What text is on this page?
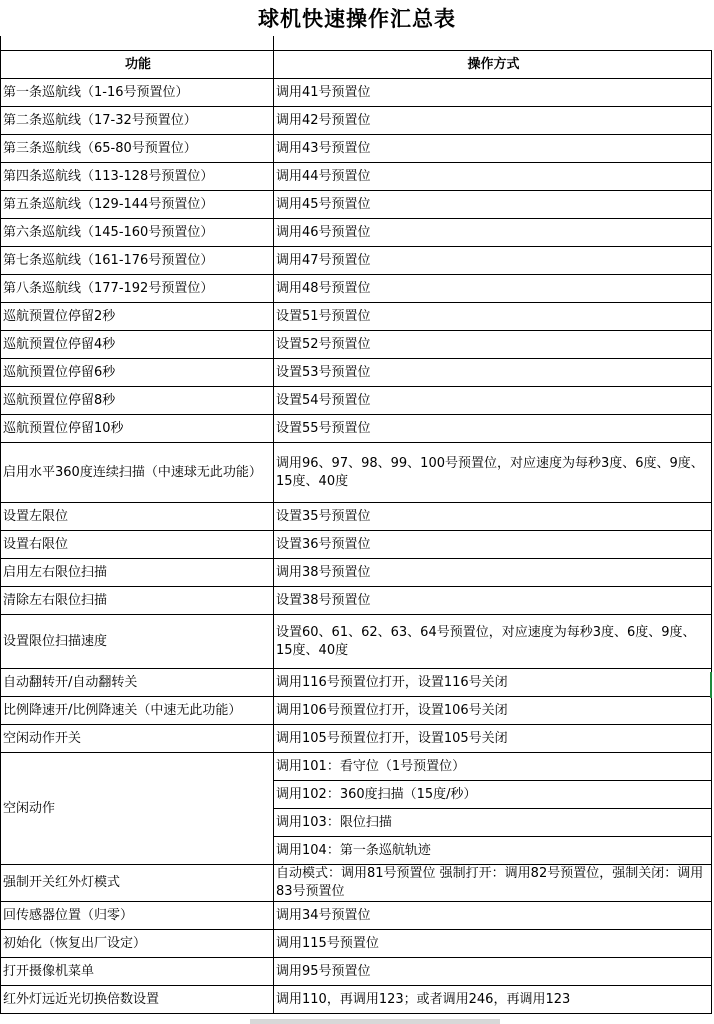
球机快速操作汇总表

功能	操作方式
第一条巡航线（1-16号预置位）	调用41号预置位
第二条巡航线（17-32号预置位）	调用42号预置位
第三条巡航线（65-80号预置位）	调用43号预置位
第四条巡航线（113-128号预置位）	调用44号预置位
第五条巡航线（129-144号预置位）	调用45号预置位
第六条巡航线（145-160号预置位）	调用46号预置位
第七条巡航线（161-176号预置位）	调用47号预置位
第八条巡航线（177-192号预置位）	调用48号预置位
巡航预置位停留2秒	设置51号预置位
巡航预置位停留4秒	设置52号预置位
巡航预置位停留6秒	设置53号预置位
巡航预置位停留8秒	设置54号预置位
巡航预置位停留10秒	设置55号预置位
启用水平360度连续扫描（中速球无此功能）	调用96、97、98、99、100号预置位，对应速度为每秒3度、6度、9度、15度、40度
设置左限位	设置35号预置位
设置右限位	设置36号预置位
启用左右限位扫描	调用38号预置位
清除左右限位扫描	设置38号预置位
设置限位扫描速度	设置60、61、62、63、64号预置位，对应速度为每秒3度、6度、9度、15度、40度
自动翻转开/自动翻转关	调用116号预置位打开，设置116号关闭
比例降速开/比例降速关（中速无此功能）	调用106号预置位打开，设置106号关闭
空闲动作开关	调用105号预置位打开，设置105号关闭
空闲动作	调用101：看守位（1号预置位）
	调用102：360度扫描（15度/秒）
	调用103：限位扫描
	调用104：第一条巡航轨迹
强制开关红外灯模式	自动模式：调用81号预置位 强制打开：调用82号预置位，强制关闭：调用83号预置位
回传感器位置（归零）	调用34号预置位
初始化（恢复出厂设定）	调用115号预置位
打开摄像机菜单	调用95号预置位
红外灯远近光切换倍数设置	调用110，再调用123；或者调用246，再调用123
